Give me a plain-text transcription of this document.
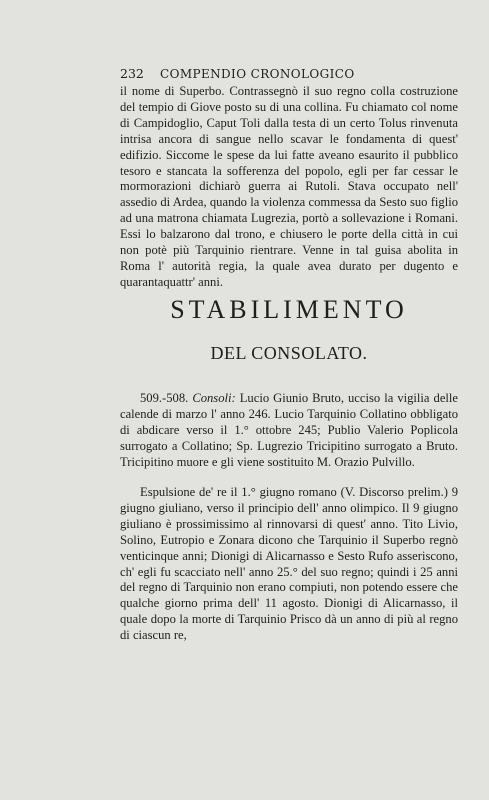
232	COMPENDIO CRONOLOGICO

il nome di Superbo. Contrassegnò il suo regno colla costruzione del tempio di Giove posto su di una collina. Fu chiamato col nome di Campidoglio, Caput Toli dalla testa di un certo Tolus rinvenuta intrisa ancora di sangue nello scavar le fondamenta di quest' edifizio. Siccome le spese da lui fatte aveano esaurito il pubblico tesoro e stancata la sofferenza del popolo, egli per far cessar le mormorazioni dichiarò guerra ai Rutoli. Stava occupato nell' assedio di Ardea, quando la violenza commessa da Sesto suo figlio ad una matrona chiamata Lugrezia, portò a sollevazione i Romani. Essi lo balzarono dal trono, e chiusero le porte della città in cui non potè più Tarquinio rientrare. Venne in tal guisa abolita in Roma l' autorità regia, la quale avea durato per dugento e quarantaquattr' anni.

STABILIMENTO
DEL CONSOLATO.

509.-508. Consoli: Lucio Giunio Bruto, ucciso la vigilia delle calende di marzo l' anno 246. Lucio Tarquinio Collatino obbligato di abdicare verso il 1.° ottobre 245; Publio Valerio Poplicola surrogato a Collatino; Sp. Lugrezio Tricipitino surrogato a Bruto. Tricipitino muore e gli viene sostituito M. Orazio Pulvillo.

Espulsione de' re il 1.° giugno romano (V. Discorso prelim.) 9 giugno giuliano, verso il principio dell' anno olimpico. Il 9 giugno giuliano è prossimissimo al rinnovarsi di quest' anno. Tito Livio, Solino, Eutropio e Zonara dicono che Tarquinio il Superbo regnò venticinque anni; Dionigi di Alicarnasso e Sesto Rufo asseriscono, ch' egli fu scacciato nell' anno 25.° del suo regno; quindi i 25 anni del regno di Tarquinio non erano compiuti, non potendo essere che qualche giorno prima dell' 11 agosto. Dionigi di Alicarnasso, il quale dopo la morte di Tarquinio Prisco dà un anno di più al regno di ciascun re,
